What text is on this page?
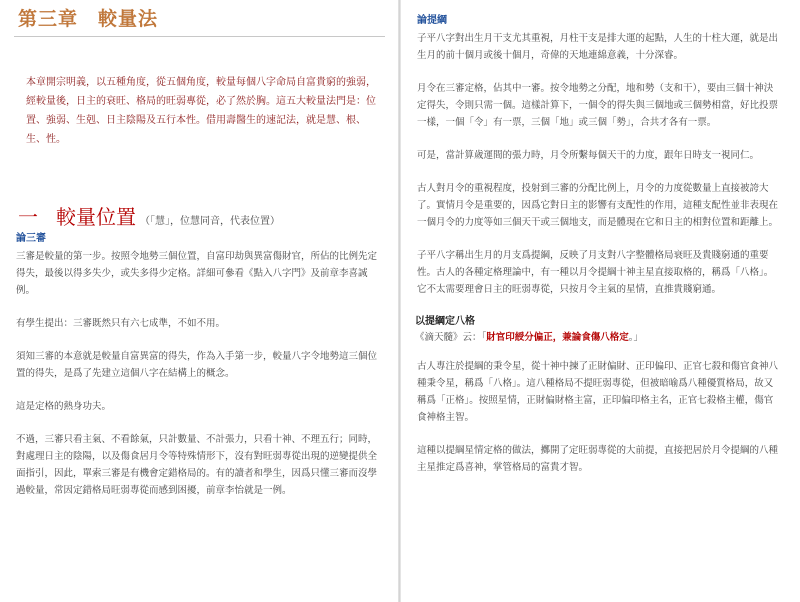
第三章　較量法

本章開宗明義，以五種角度，從五個角度，較量每個八字命局自富貴窮的強弱，經較量後，日主的衰旺、格局的旺弱專從，必了然於胸。這五大較量法門是：位置、強弱、生剋、日主陰陽及五行本性。借用壽醫生的速記法，就是慧、根、生、性。

一 較量位置 （「慧」，位慧同音，代表位置）
論三審

三審是較量的第一步。按照令地勢三個位置，自富印劫與異富傷財官，所佔的比例先定得失，最後以得多失少，或失多得少定格。詳細可參看《點入八字門》及前章李喜誠例。

有學生提出：三審既然只有六七成準，不如不用。

須知三審的本意就是較量自富異富的得失，作為入手第一步，較量八字令地勢這三個位置的得失，是爲了先建立這個八字在結構上的概念。

這是定格的熱身功夫。

不過，三審只看主氣、不看餘氣，只計數量、不計張力，只看十神、不理五行；同時，對處理日主的陰陽，以及傷食居月令等特殊情形下，沒有對旺弱專從出現的逆變提供全面指引，因此，單索三審是有機會定錯格局的。有的讀者和學生，因爲只懂三審而沒學過較量，常因定錯格局旺弱專從而感到困擾，前章李怡就是一例。

論提綱

子平八字對出生月干支尤其重視，月柱干支是排大運的起點，人生的十柱大運，就是出生月的前十個月或後十個月，奇偉的天地連綿意義，十分深睿。

月令在三審定格，佔其中一審。按令地勢之分配，地和勢（支和干），要由三個十神決定得失，令則只需一個。這樣計算下，一個令的得失與三個地或三個勢相當，好比投票一樣，一個「令」有一票，三個「地」或三個「勢」，合共才各有一票。

可是，當計算歲運間的張力時，月令所繫每個天干的力度，跟年日時支一視同仁。

古人對月令的重視程度，投射到三審的分配比例上，月令的力度從數量上直接被誇大了。實情月令是重要的，因爲它對日主的影響有支配性的作用，這種支配性並非表現在一個月令的力度等如三個天干或三個地支，而是體現在它和日主的相對位置和距離上。

子平八字稱出生月的月支爲提綱，反映了月支對八字整體格局衰旺及貴賤窮通的重要性。古人的各種定格理論中，有一種以月令提綱十神主星直接取格的，稱爲「八格」。

它不太需要理會日主的旺弱專從，只按月令主氣的星情，直推貴賤窮通。

以提綱定八格

《滴天髓》云：「財官印綬分偏正，兼論食傷八格定。」

古人專注於提綱的秉令星，從十神中揀了正財偏財、正印偏印、正官七殺和傷官食神八種秉令星，稱爲「八格」。這八種格局不提旺弱專從，但被暗喻爲八種優質格局，故又稱爲「正格」。按照星情，正財偏財格主富，正印偏印格主名，正官七殺格主權，傷官食神格主智。

這種以提綱星情定格的做法，擲開了定旺弱專從的大前提，直接把居於月令提綱的八種主星推定爲喜神，掌管格局的富貴才智。
